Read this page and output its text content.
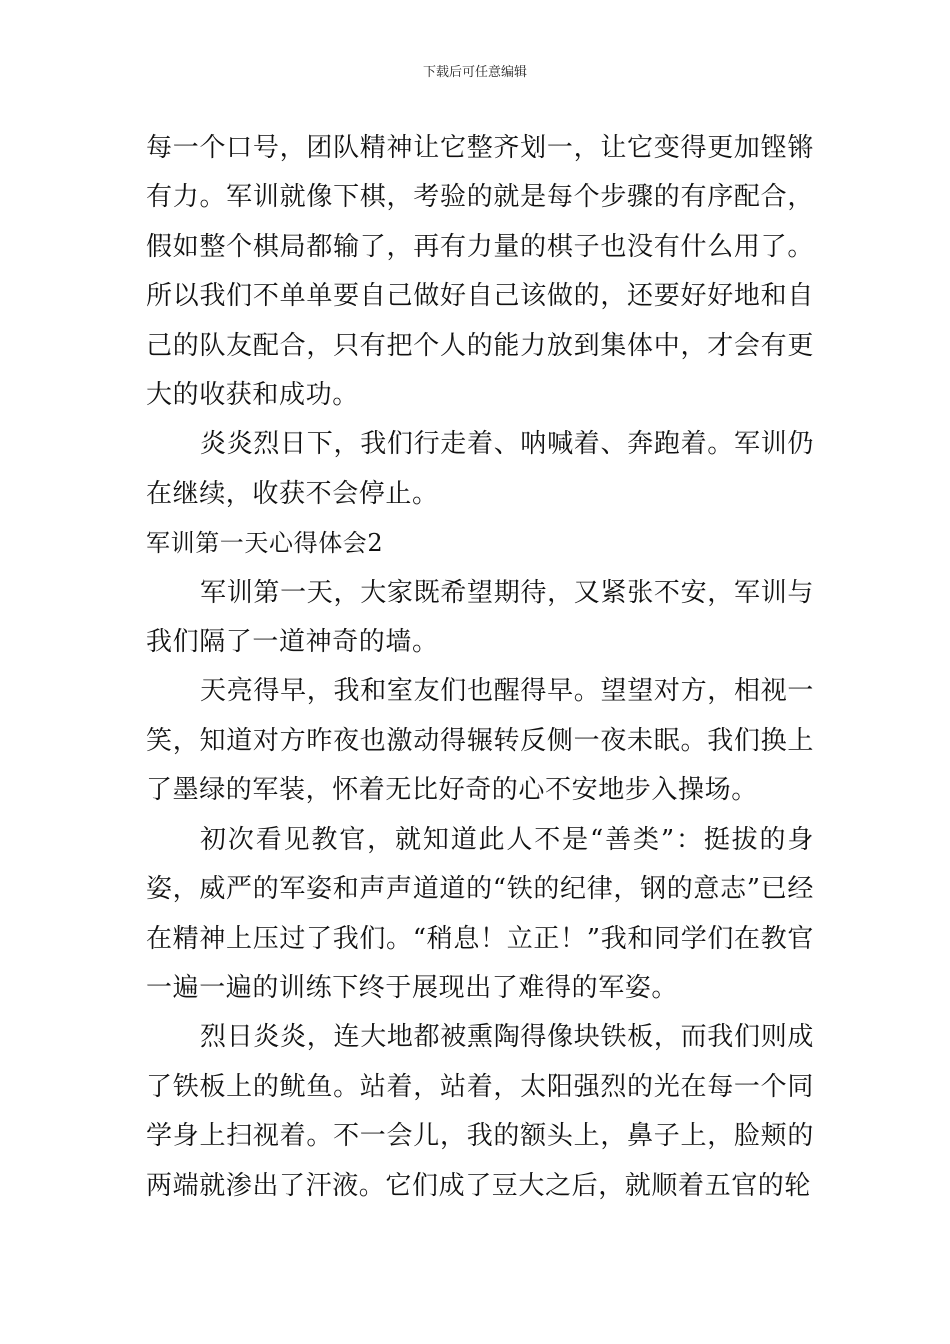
下载后可任意编辑

每一个口号，团队精神让它整齐划一，让它变得更加铿锵有力。军训就像下棋，考验的就是每个步骤的有序配合，假如整个棋局都输了，再有力量的棋子也没有什么用了。所以我们不单单要自己做好自己该做的，还要好好地和自己的队友配合，只有把个人的能力放到集体中，才会有更大的收获和成功。

炎炎烈日下，我们行走着、呐喊着、奔跑着。军训仍在继续，收获不会停止。

军训第一天心得体会2

军训第一天，大家既希望期待，又紧张不安，军训与我们隔了一道神奇的墙。

天亮得早，我和室友们也醒得早。望望对方，相视一笑，知道对方昨夜也激动得辗转反侧一夜未眠。我们换上了墨绿的军装，怀着无比好奇的心不安地步入操场。

初次看见教官，就知道此人不是“善类”：挺拔的身姿，威严的军姿和声声道道的“铁的纪律，钢的意志”已经在精神上压过了我们。“稍息！立正！”我和同学们在教官一遍一遍的训练下终于展现出了难得的军姿。

烈日炎炎，连大地都被熏陶得像块铁板，而我们则成了铁板上的鱿鱼。站着，站着，太阳强烈的光在每一个同学身上扫视着。不一会儿，我的额头上，鼻子上，脸颊的两端就渗出了汗液。它们成了豆大之后，就顺着五官的轮
